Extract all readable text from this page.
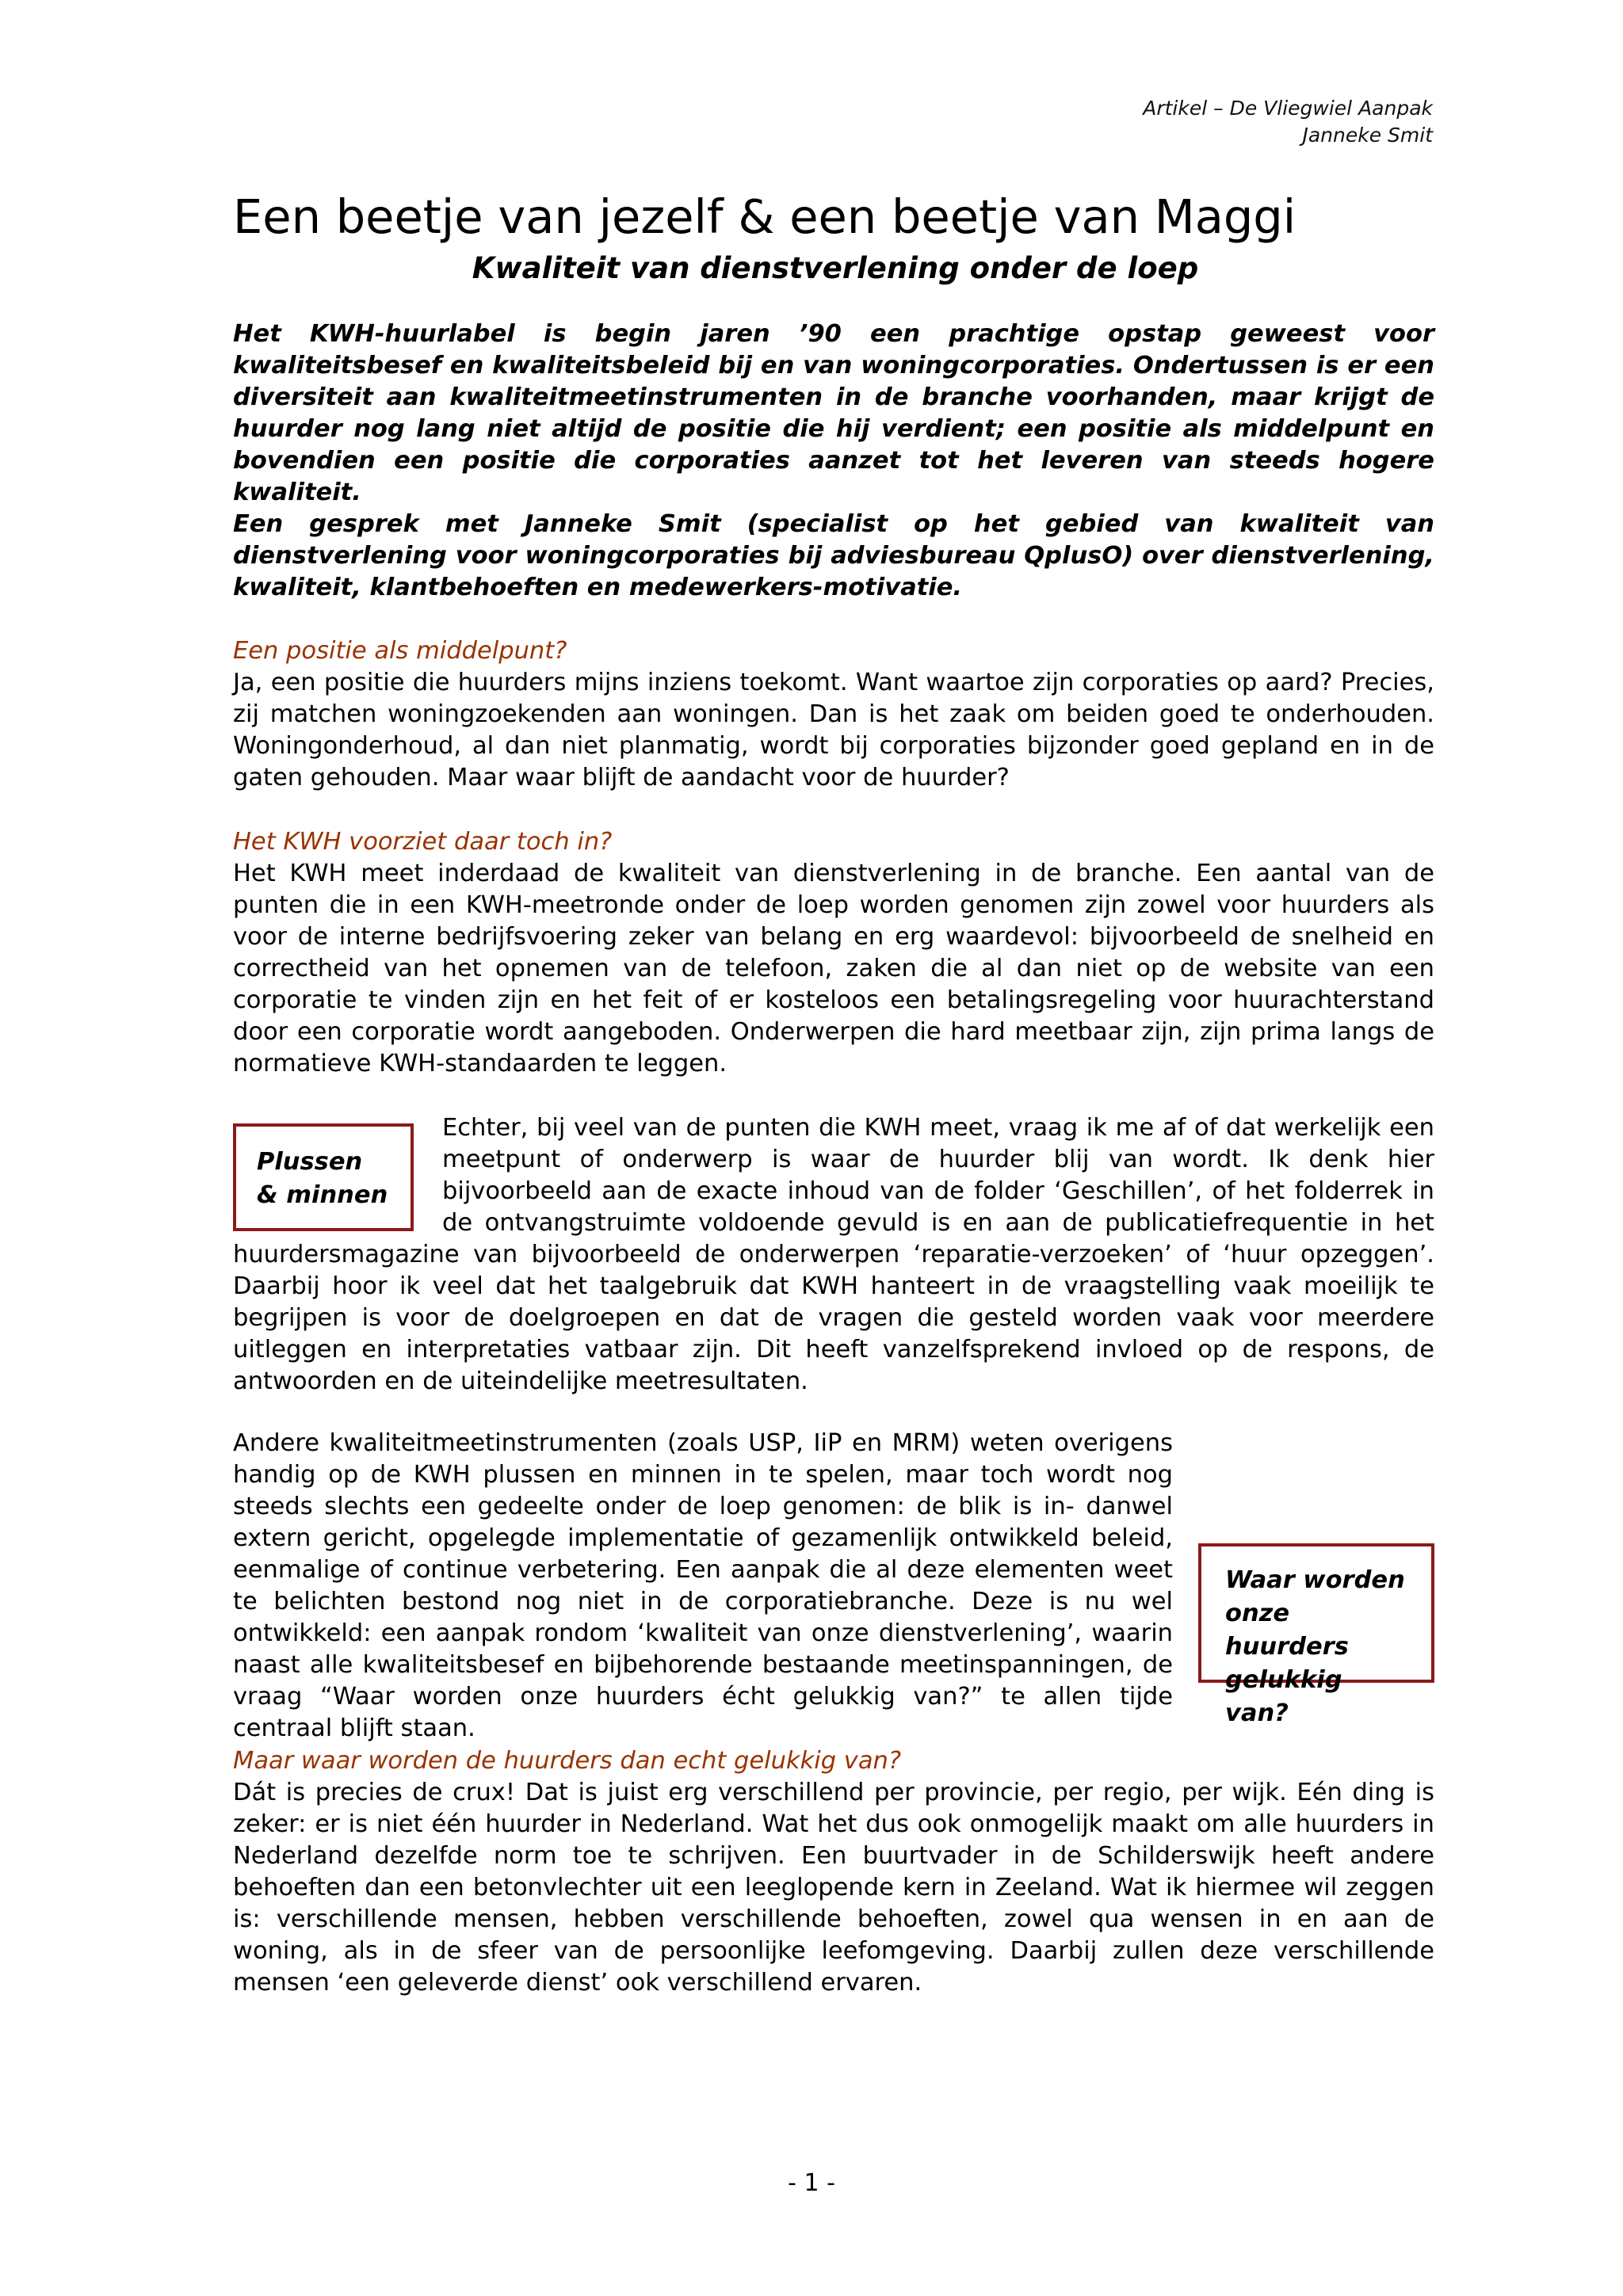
Artikel – De Vliegwiel Aanpak
Janneke Smit
Een beetje van jezelf & een beetje van Maggi
Kwaliteit van dienstverlening onder de loep

Het KWH-huurlabel is begin jaren ’90 een prachtige opstap geweest voor kwaliteitsbesef en kwaliteitsbeleid bij en van woningcorporaties. Ondertussen is er een diversiteit aan kwaliteitmeetinstrumenten in de branche voorhanden, maar krijgt de huurder nog lang niet altijd de positie die hij verdient; een positie als middelpunt en bovendien een positie die corporaties aanzet tot het leveren van steeds hogere kwaliteit.

Een gesprek met Janneke Smit (specialist op het gebied van kwaliteit van dienstverlening voor woningcorporaties bij adviesbureau QplusO) over dienstverlening, kwaliteit, klantbehoeften en medewerkers-motivatie.

Een positie als middelpunt?

Ja, een positie die huurders mijns inziens toekomt. Want waartoe zijn corporaties op aard? Precies, zij matchen woningzoekenden aan woningen. Dan is het zaak om beiden goed te onderhouden. Woningonderhoud, al dan niet planmatig, wordt bij corporaties bijzonder goed gepland en in de gaten gehouden. Maar waar blijft de aandacht voor de huurder?

Het KWH voorziet daar toch in?

Het KWH meet inderdaad de kwaliteit van dienstverlening in de branche. Een aantal van de punten die in een KWH-meetronde onder de loep worden genomen zijn zowel voor huurders als voor de interne bedrijfsvoering zeker van belang en erg waardevol: bijvoorbeeld de snelheid en correctheid van het opnemen van de telefoon, zaken die al dan niet op de website van een corporatie te vinden zijn en het feit of er kosteloos een betalingsregeling voor huurachterstand door een corporatie wordt aangeboden. Onderwerpen die hard meetbaar zijn, zijn prima langs de normatieve KWH-standaarden te leggen.

Plussen & minnen

Echter, bij veel van de punten die KWH meet, vraag ik me af of dat werkelijk een meetpunt of onderwerp is waar de huurder blij van wordt. Ik denk hier bijvoorbeeld aan de exacte inhoud van de folder ‘Geschillen’, of het folderrek in de ontvangstruimte voldoende gevuld is en aan de publicatiefrequentie in het huurdersmagazine van bijvoorbeeld de onderwerpen ‘reparatie-verzoeken’ of ‘huur opzeggen’. Daarbij hoor ik veel dat het taalgebruik dat KWH hanteert in de vraagstelling vaak moeilijk te begrijpen is voor de doelgroepen en dat de vragen die gesteld worden vaak voor meerdere uitleggen en interpretaties vatbaar zijn. Dit heeft vanzelfsprekend invloed op de respons, de antwoorden en de uiteindelijke meetresultaten.

Waar worden onze huurders gelukkig van?

Andere kwaliteitmeetinstrumenten (zoals USP, IiP en MRM) weten overigens handig op de KWH plussen en minnen in te spelen, maar toch wordt nog steeds slechts een gedeelte onder de loep genomen: de blik is in- danwel extern gericht, opgelegde implementatie of gezamenlijk ontwikkeld beleid, eenmalige of continue verbetering. Een aanpak die al deze elementen weet te belichten bestond nog niet in de corporatiebranche. Deze is nu wel ontwikkeld: een aanpak rondom ‘kwaliteit van onze dienstverlening’, waarin naast alle kwaliteitsbesef en bijbehorende bestaande meetinspanningen, de vraag “Waar worden onze huurders écht gelukkig van?” te allen tijde centraal blijft staan.

Maar waar worden de huurders dan echt gelukkig van?

Dát is precies de crux! Dat is juist erg verschillend per provincie, per regio, per wijk. Eén ding is zeker: er is niet één huurder in Nederland. Wat het dus ook onmogelijk maakt om alle huurders in Nederland dezelfde norm toe te schrijven. Een buurtvader in de Schilderswijk heeft andere behoeften dan een betonvlechter uit een leeglopende kern in Zeeland. Wat ik hiermee wil zeggen is: verschillende mensen, hebben verschillende behoeften, zowel qua wensen in en aan de woning, als in de sfeer van de persoonlijke leefomgeving. Daarbij zullen deze verschillende mensen ‘een geleverde dienst’ ook verschillend ervaren.

- 1 -
